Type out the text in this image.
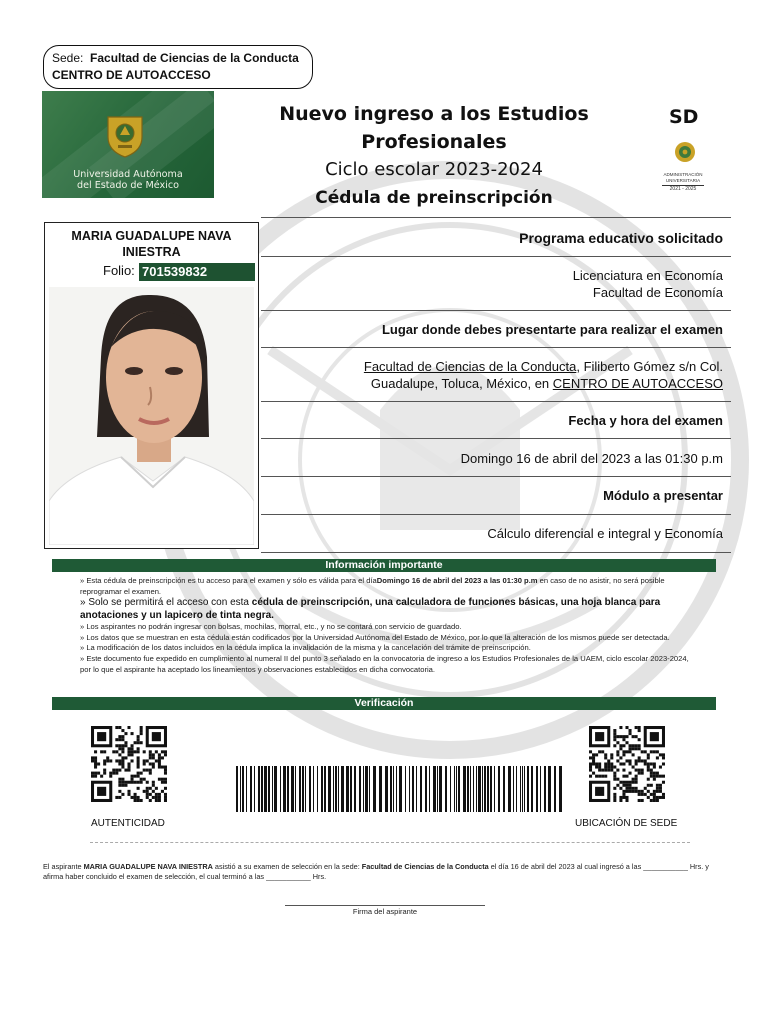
Sede: Facultad de Ciencias de la Conducta
CENTRO DE AUTOACCESO
Universidad Autónoma
del Estado de México
Nuevo ingreso a los Estudios Profesionales
Ciclo escolar 2023-2024
Cédula de preinscripción
SD
ADMINISTRACIÓN
UNIVERSITARIA
2021 - 2025
MARIA GUADALUPE NAVA INIESTRA
Folio: 701539832
Programa educativo solicitado
Licenciatura en Economía
Facultad de Economía
Lugar donde debes presentarte para realizar el examen
Facultad de Ciencias de la Conducta, Filiberto Gómez s/n Col.
Guadalupe, Toluca, México, en CENTRO DE AUTOACCESO
Fecha y hora del examen
Domingo 16 de abril del 2023 a las 01:30 p.m
Módulo a presentar
Cálculo diferencial e integral y Economía
Información importante
» Esta cédula de preinscripción es tu acceso para el examen y sólo es válida para el díaDomingo 16 de abril del 2023 a las 01:30 p.m en caso de no asistir, no será posible reprogramar el examen.
» Solo se permitirá el acceso con esta cédula de preinscripción, una calculadora de funciones básicas, una hoja blanca para anotaciones y un lapicero de tinta negra.
» Los aspirantes no podrán ingresar con bolsas, mochilas, morral, etc., y no se contará con servicio de guardado.
» Los datos que se muestran en esta cédula están codificados por la Universidad Autónoma del Estado de México, por lo que la alteración de los mismos puede ser detectada.
» La modificación de los datos incluidos en la cédula implica la invalidación de la misma y la cancelación del trámite de preinscripción.
» Este documento fue expedido en cumplimiento al numeral II del punto 3 señalado en la convocatoria de ingreso a los Estudios Profesionales de la UAEM, ciclo escolar 2023-2024, por lo que el aspirante ha aceptado los lineamientos y observaciones establecidos en dicha convocatoria.
Verificación
AUTENTICIDAD	UBICACIÓN DE SEDE
El aspirante MARIA GUADALUPE NAVA INIESTRA asistió a su examen de selección en la sede: Facultad de Ciencias de la Conducta el día 16 de abril del 2023 al cual ingresó a las ___________ Hrs. y afirma haber concluido el examen de selección, el cual terminó a las ___________ Hrs.
Firma del aspirante
